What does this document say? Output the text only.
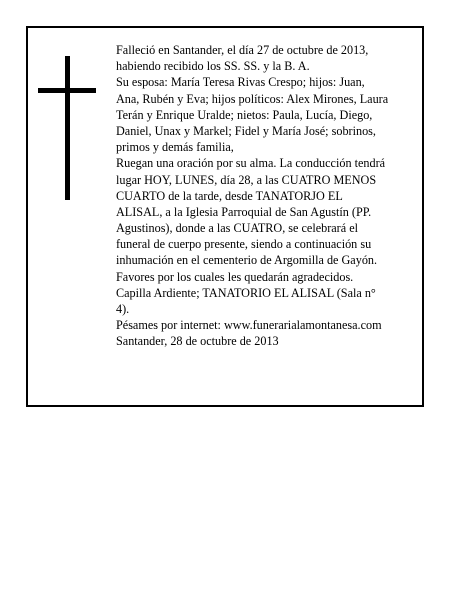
Falleció en Santander, el día 27 de octubre de 2013,
habiendo recibido los SS. SS. y la B. A.
Su esposa: María Teresa Rivas Crespo; hijos: Juan,
Ana, Rubén y Eva; hijos políticos: Alex Mirones, Laura
Terán y Enrique Uralde; nietos: Paula, Lucía, Diego,
Daniel, Unax y Markel; Fidel y María José; sobrinos,
primos y demás familia,
Ruegan una oración por su alma. La conducción tendrá
lugar HOY, LUNES, día 28, a las CUATRO MENOS
CUARTO de la tarde, desde TANATORJO EL
ALISAL, a la Iglesia Parroquial de San Agustín (PP.
Agustinos), donde a las CUATRO, se celebrará el
funeral de cuerpo presente, siendo a continuación su
inhumación en el cementerio de Argomilla de Gayón.
Favores por los cuales les quedarán agradecidos.
Capilla Ardiente; TANATORIO EL ALISAL (Sala n°
4).
Pésames por internet: www.funerarialamontanesa.com
Santander, 28 de octubre de 2013
